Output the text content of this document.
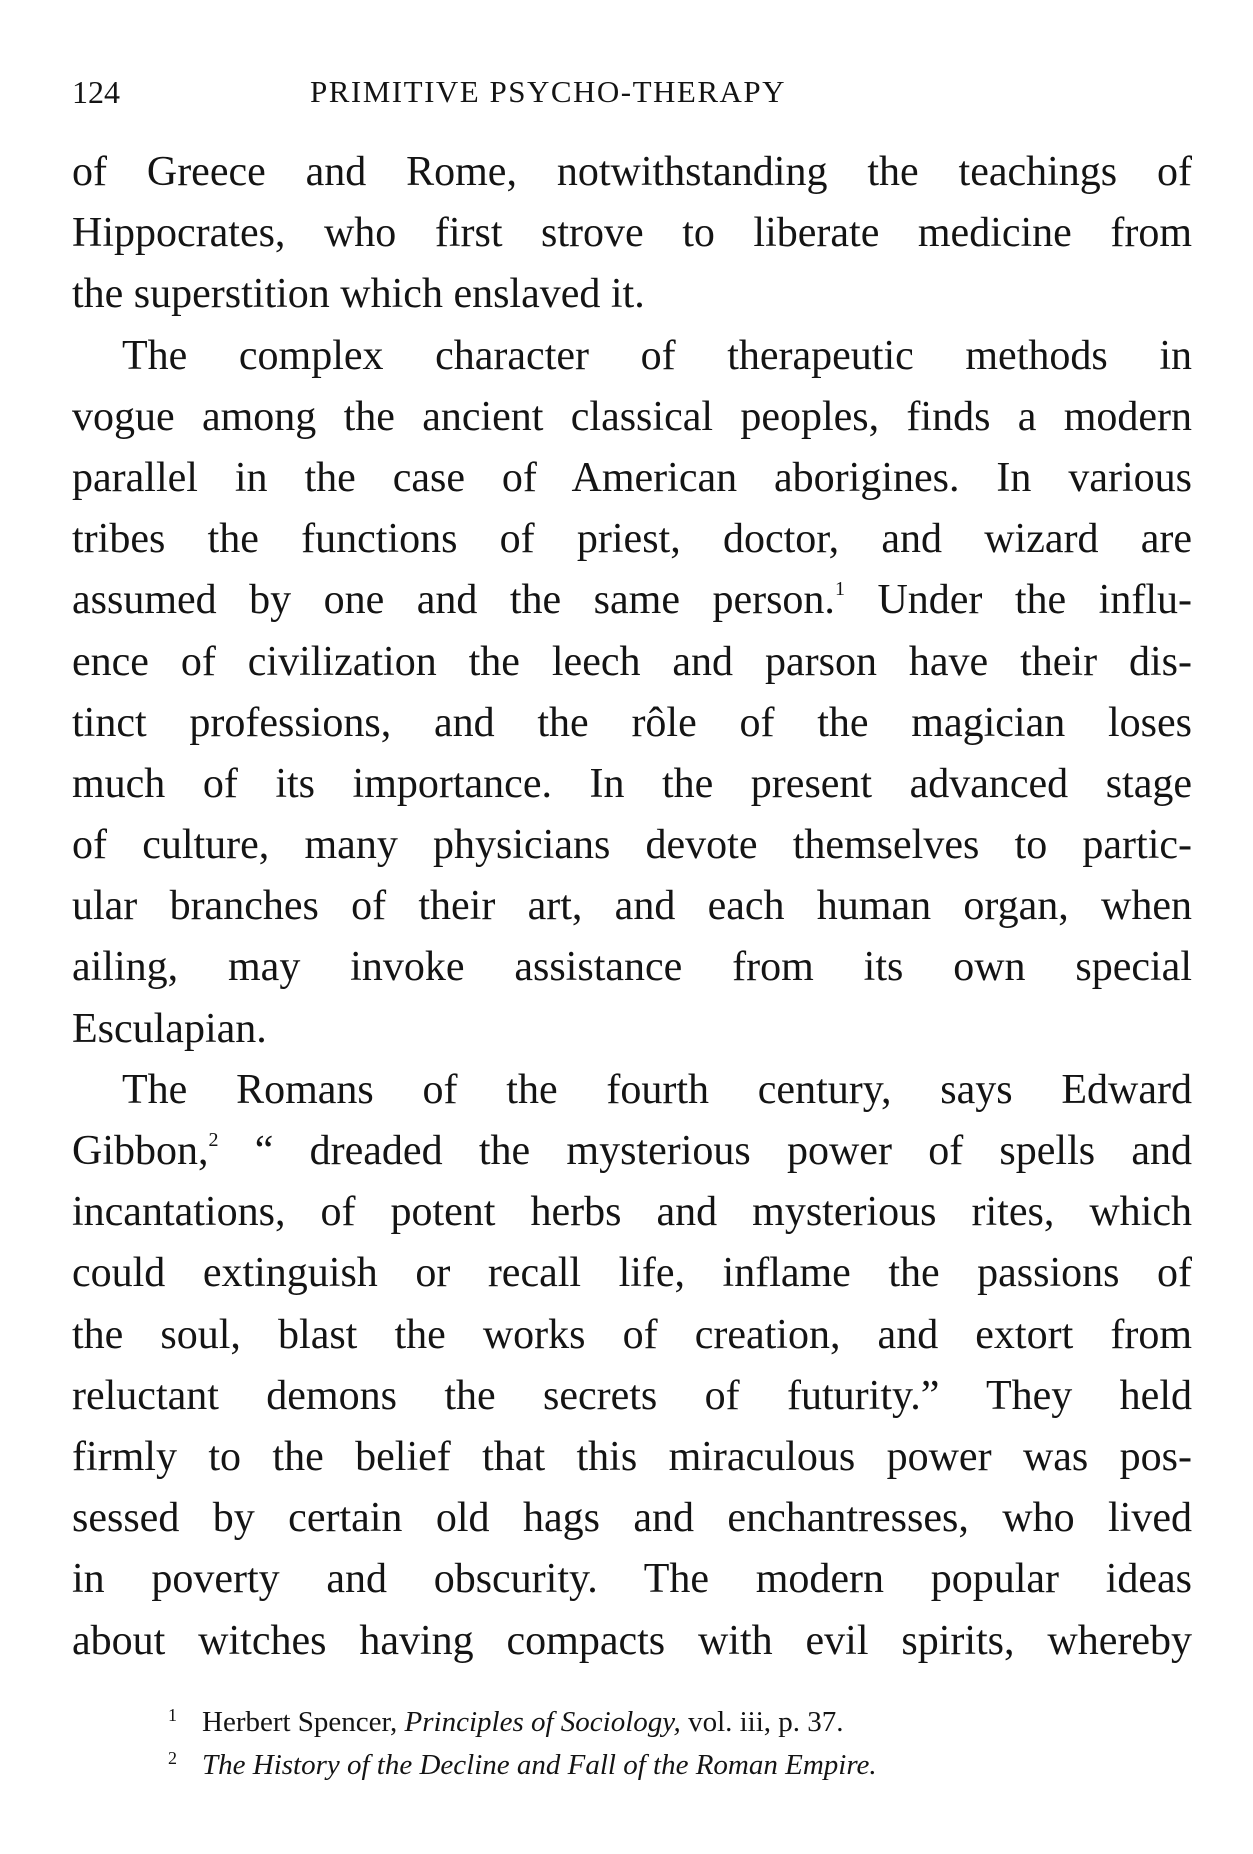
124	PRIMITIVE PSYCHO-THERAPY
of Greece and Rome, notwithstanding the teachings of
Hippocrates, who first strove to liberate medicine from
the superstition which enslaved it.
The complex character of therapeutic methods in
vogue among the ancient classical peoples, finds a modern
parallel in the case of American aborigines. In various
tribes the functions of priest, doctor, and wizard are
assumed by one and the same person.$^1$ Under the influ-
ence of civilization the leech and parson have their dis-
tinct professions, and the rôle of the magician loses
much of its importance. In the present advanced stage
of culture, many physicians devote themselves to partic-
ular branches of their art, and each human organ, when
ailing, may invoke assistance from its own special
Esculapian.
The Romans of the fourth century, says Edward
Gibbon,$^2$ “ dreaded the mysterious power of spells and
incantations, of potent herbs and mysterious rites, which
could extinguish or recall life, inflame the passions of
the soul, blast the works of creation, and extort from
reluctant demons the secrets of futurity.” They held
firmly to the belief that this miraculous power was pos-
sessed by certain old hags and enchantresses, who lived
in poverty and obscurity. The modern popular ideas
about witches having compacts with evil spirits, whereby
1 Herbert Spencer, Principles of Sociology, vol. iii, p. 37.
2 The History of the Decline and Fall of the Roman Empire.
